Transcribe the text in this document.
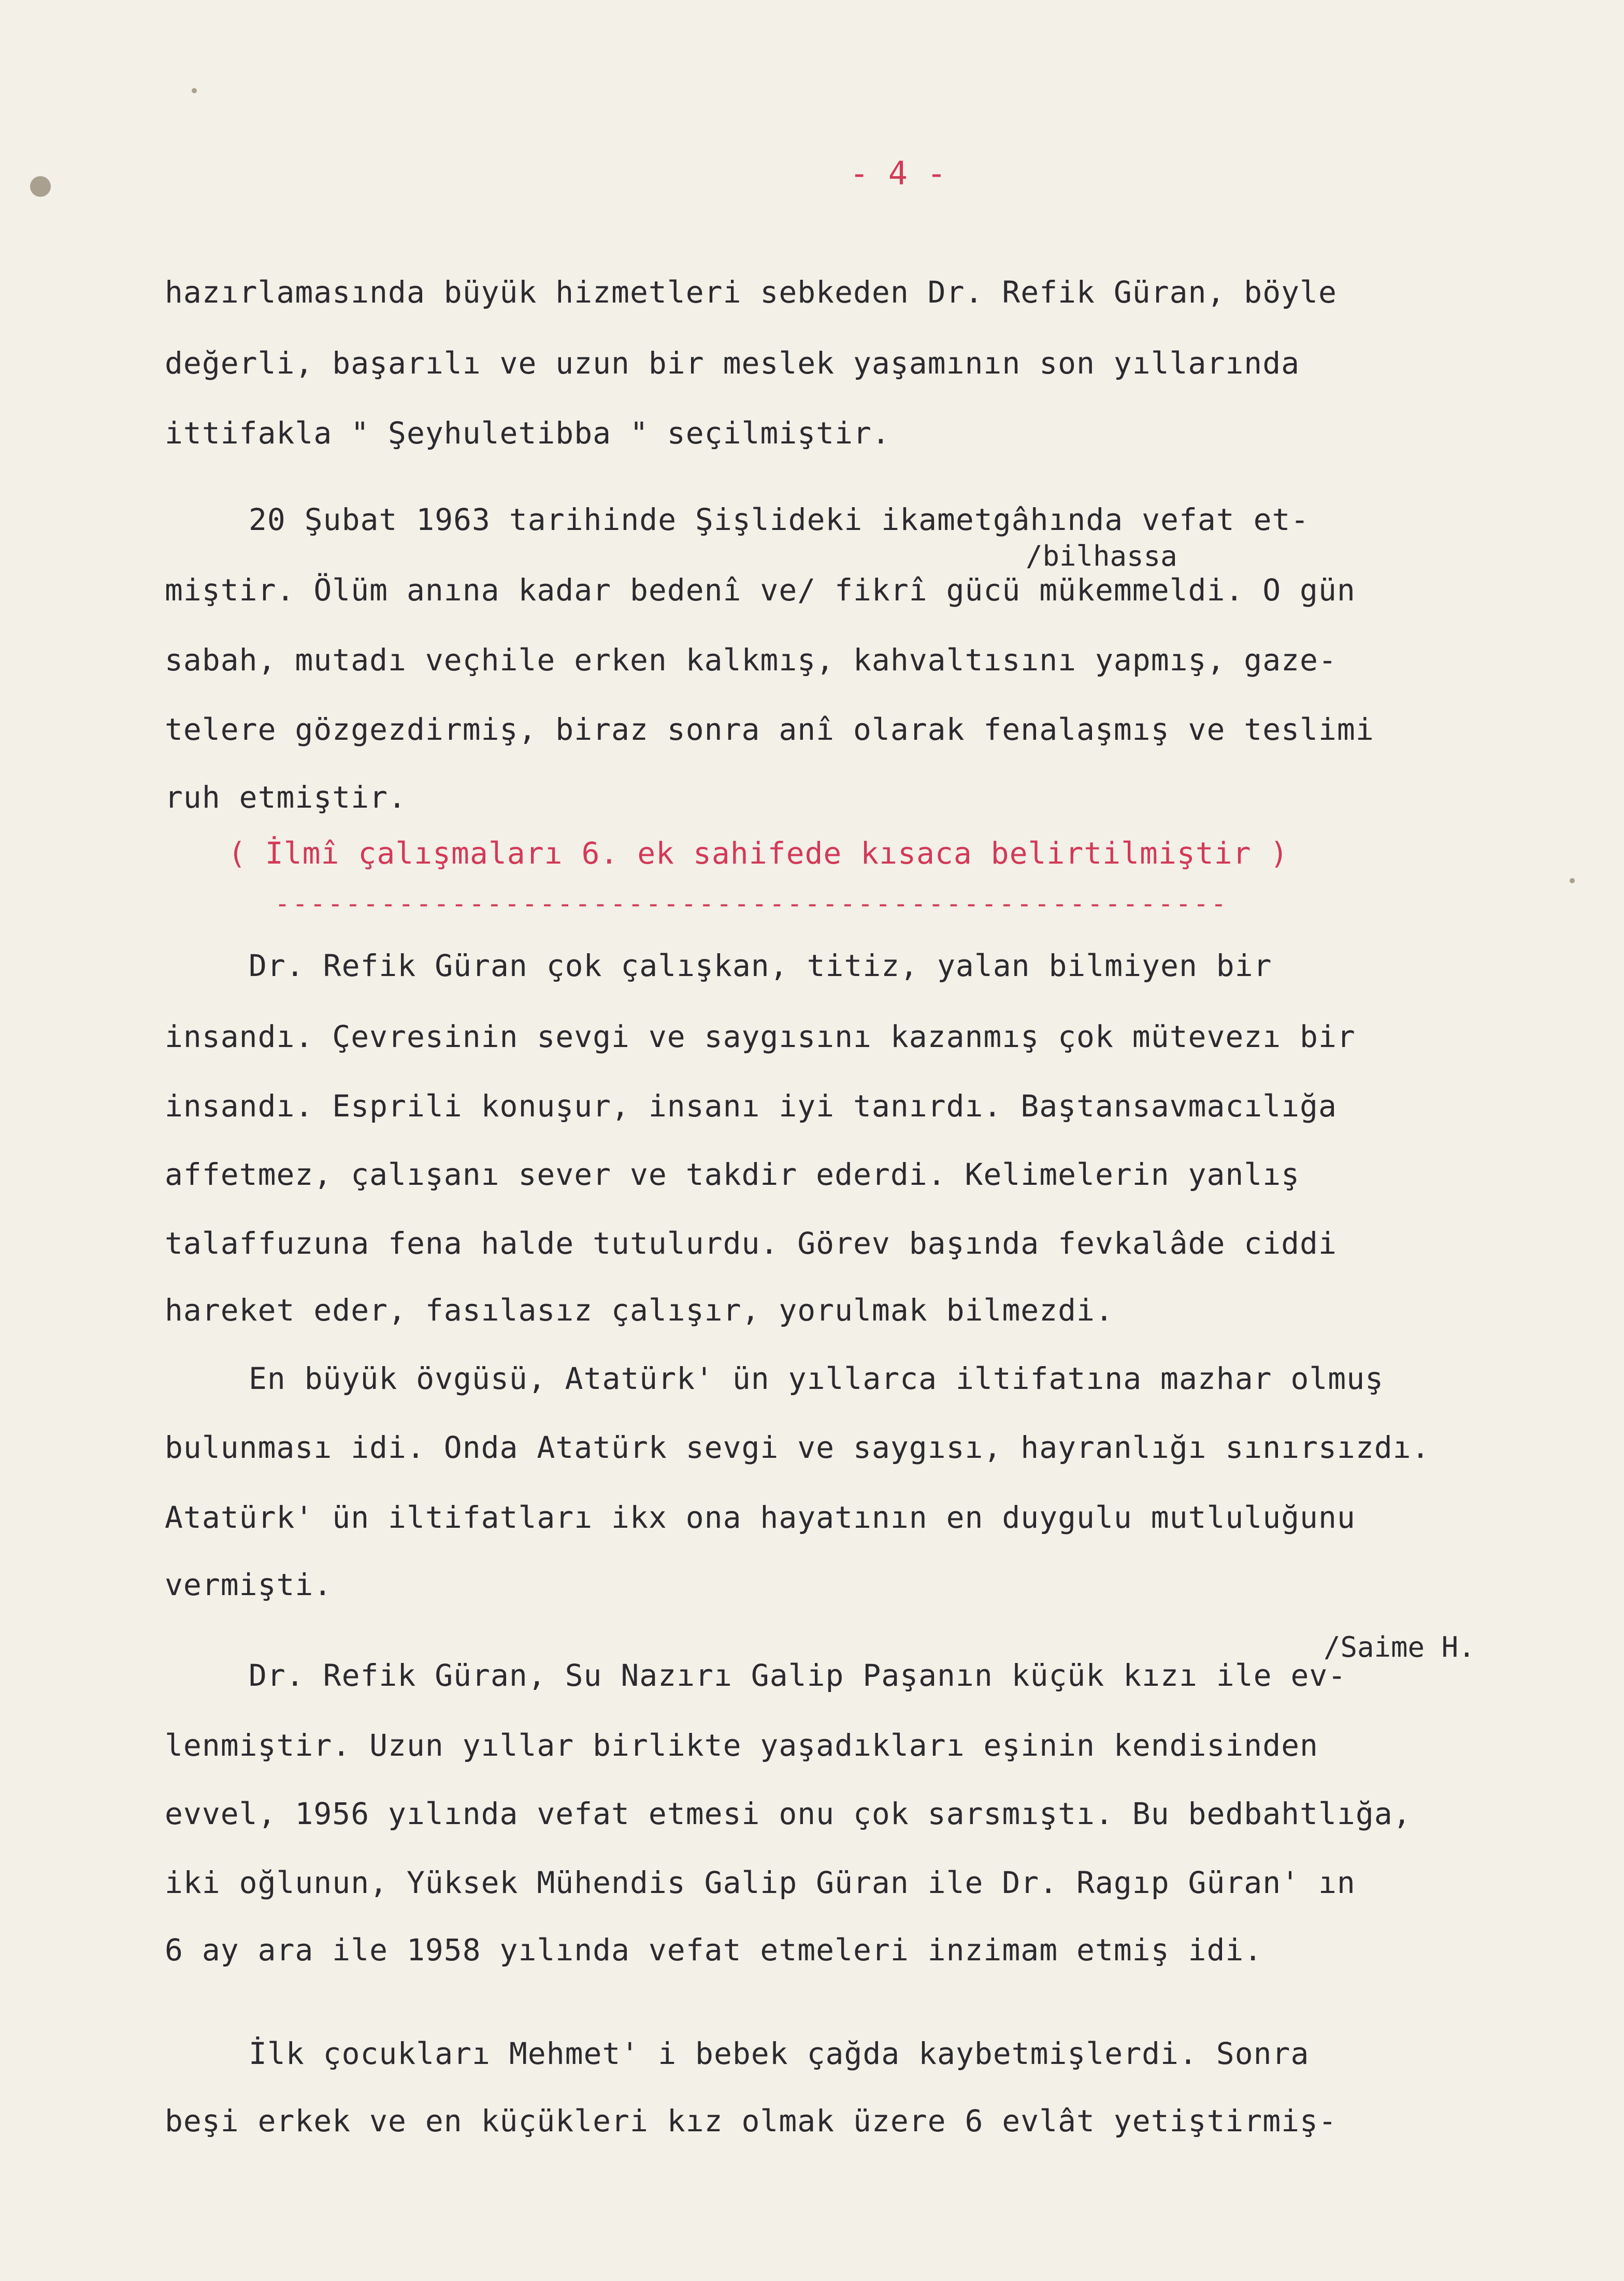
- 4 -
hazırlamasında büyük hizmetleri sebkeden Dr. Refik Güran, böyle
değerli, başarılı ve uzun bir meslek yaşamının son yıllarında
ittifakla " Şeyhuletibba " seçilmiştir.
20 Şubat 1963 tarihinde Şişlideki ikametgâhında vefat et-
/bilhassa
miştir. Ölüm anına kadar bedenî ve/ fikrî gücü mükemmeldi. O gün
sabah, mutadı veçhile erken kalkmış, kahvaltısını yapmış, gaze-
telere gözgezdirmiş, biraz sonra anî olarak fenalaşmış ve teslimi
ruh etmiştir.
( İlmî çalışmaları 6. ek sahifede kısaca belirtilmiştir )
------------------------------------------------------
Dr. Refik Güran çok çalışkan, titiz, yalan bilmiyen bir
insandı. Çevresinin sevgi ve saygısını kazanmış çok mütevezı bir
insandı. Esprili konuşur, insanı iyi tanırdı. Baştansavmacılığa
affetmez, çalışanı sever ve takdir ederdi. Kelimelerin yanlış
talaffuzuna fena halde tutulurdu. Görev başında fevkalâde ciddi
hareket eder, fasılasız çalışır, yorulmak bilmezdi.
En büyük övgüsü, Atatürk' ün yıllarca iltifatına mazhar olmuş
bulunması idi. Onda Atatürk sevgi ve saygısı, hayranlığı sınırsızdı.
Atatürk' ün iltifatları ikx ona hayatının en duygulu mutluluğunu
vermişti.
/Saime H.
Dr. Refik Güran, Su Nazırı Galip Paşanın küçük kızı ile ev-
lenmiştir. Uzun yıllar birlikte yaşadıkları eşinin kendisinden
evvel, 1956 yılında vefat etmesi onu çok sarsmıştı. Bu bedbahtlığa,
iki oğlunun, Yüksek Mühendis Galip Güran ile Dr. Ragıp Güran' ın
6 ay ara ile 1958 yılında vefat etmeleri inzimam etmiş idi.
İlk çocukları Mehmet' i bebek çağda kaybetmişlerdi. Sonra
beşi erkek ve en küçükleri kız olmak üzere 6 evlât yetiştirmiş-
